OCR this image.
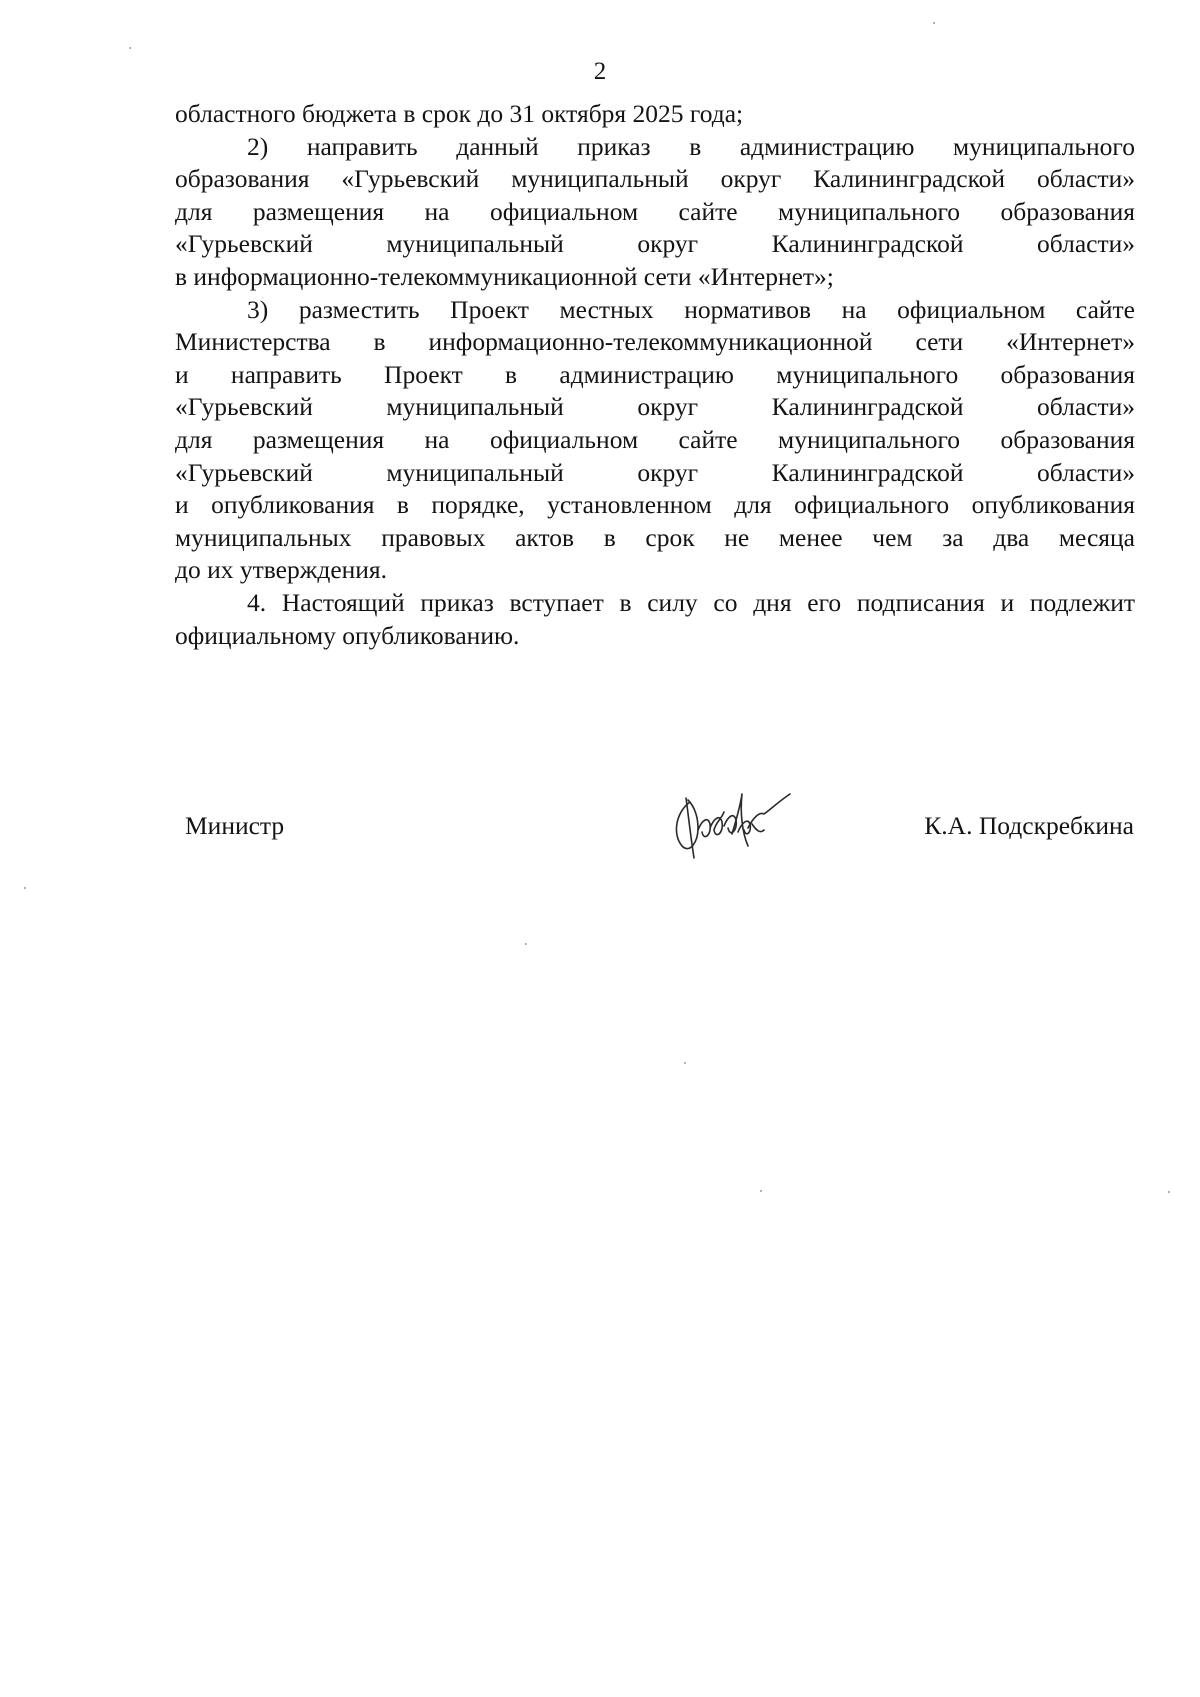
2

областного бюджета в срок до 31 октября 2025 года;

2) направить данный приказ в администрацию муниципального
образования «Гурьевский муниципальный округ Калининградской области»
для размещения на официальном сайте муниципального образования
«Гурьевский муниципальный округ Калининградской области»
в информационно-телекоммуникационной сети «Интернет»;

3) разместить Проект местных нормативов на официальном сайте
Министерства в информационно-телекоммуникационной сети «Интернет»
и направить Проект в администрацию муниципального образования
«Гурьевский муниципальный округ Калининградской области»
для размещения на официальном сайте муниципального образования
«Гурьевский муниципальный округ Калининградской области»
и опубликования в порядке, установленном для официального опубликования
муниципальных правовых актов в срок не менее чем за два месяца
до их утверждения.

4. Настоящий приказ вступает в силу со дня его подписания и подлежит
официальному опубликованию.

Министр	К.А. Подскребкина
